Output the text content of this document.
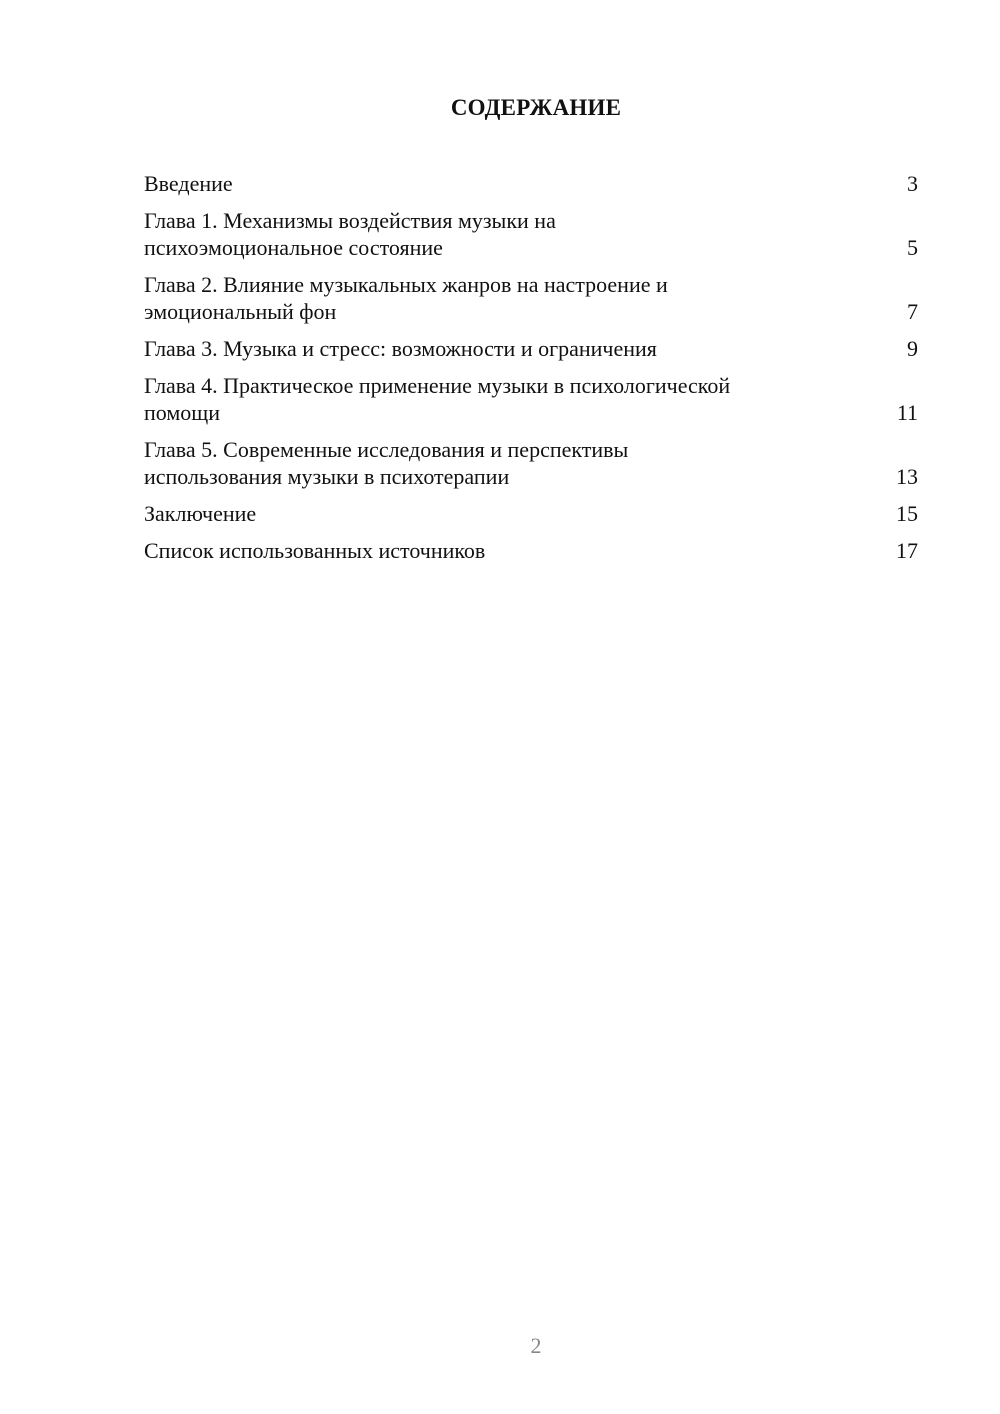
СОДЕРЖАНИЕ
Введение	3
Глава 1. Механизмы воздействия музыки на
психоэмоциональное состояние	5
Глава 2. Влияние музыкальных жанров на настроение и
эмоциональный фон	7
Глава 3. Музыка и стресс: возможности и ограничения	9
Глава 4. Практическое применение музыки в психологической
помощи	11
Глава 5. Современные исследования и перспективы
использования музыки в психотерапии	13
Заключение	15
Список использованных источников	17
2
